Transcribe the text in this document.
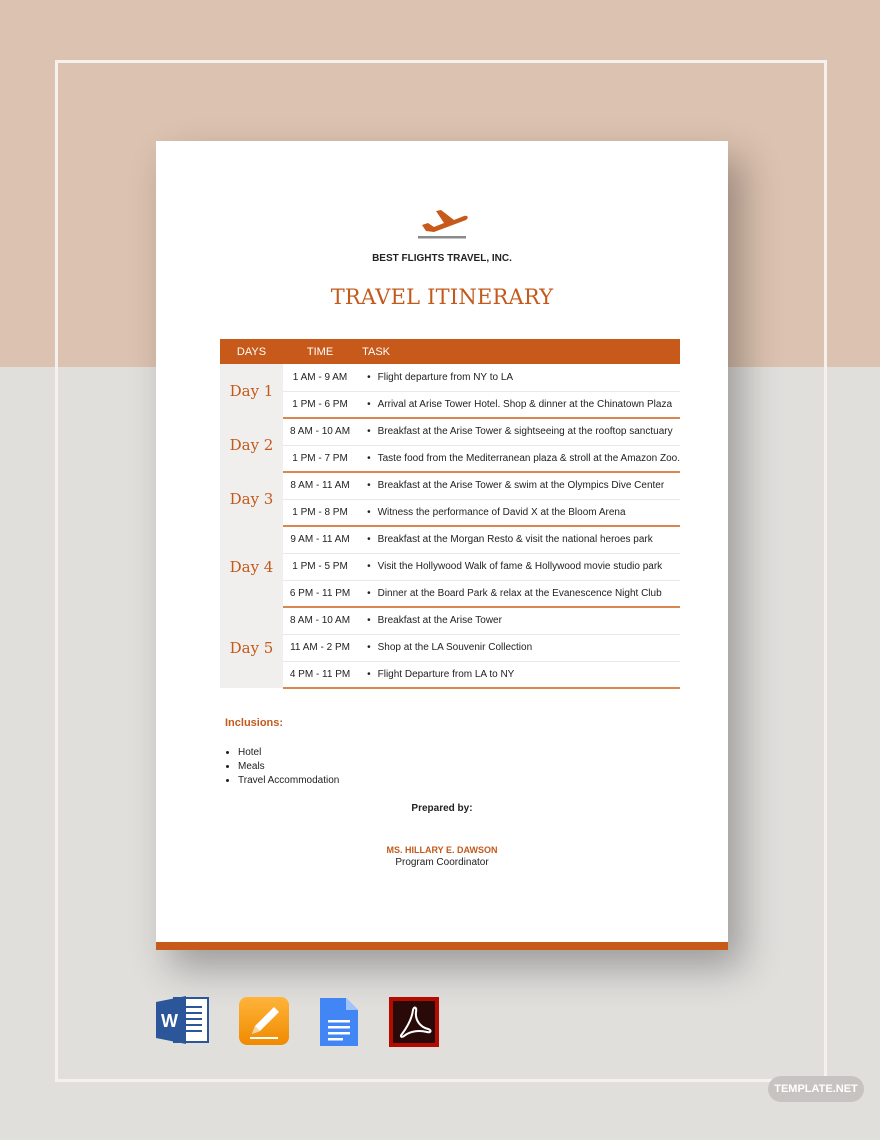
BEST FLIGHTS TRAVEL, INC.
TRAVEL ITINERARY
DAYS	TIME	TASK
Day 1	1 AM - 9 AM	• Flight departure from NY to LA
	1 PM - 6 PM	• Arrival at Arise Tower Hotel. Shop & dinner at the Chinatown Plaza
Day 2	8 AM - 10 AM	• Breakfast at the Arise Tower & sightseeing at the rooftop sanctuary
	1 PM - 7 PM	• Taste food from the Mediterranean plaza & stroll at the Amazon Zoo.
Day 3	8 AM - 11 AM	• Breakfast at the Arise Tower & swim at the Olympics Dive Center
	1 PM - 8 PM	• Witness the performance of David X at the Bloom Arena
Day 4	9 AM - 11 AM	• Breakfast at the Morgan Resto & visit the national heroes park
	1 PM - 5 PM	• Visit the Hollywood Walk of fame & Hollywood movie studio park
	6 PM - 11 PM	• Dinner at the Board Park & relax at the Evanescence Night Club
Day 5	8 AM - 10 AM	• Breakfast at the Arise Tower
	11 AM - 2 PM	• Shop at the LA Souvenir Collection
	4 PM - 11 PM	• Flight Departure from LA to NY
Inclusions:
• Hotel
• Meals
• Travel Accommodation
Prepared by:
MS. HILLARY E. DAWSON
Program Coordinator
W
TEMPLATE.NET
